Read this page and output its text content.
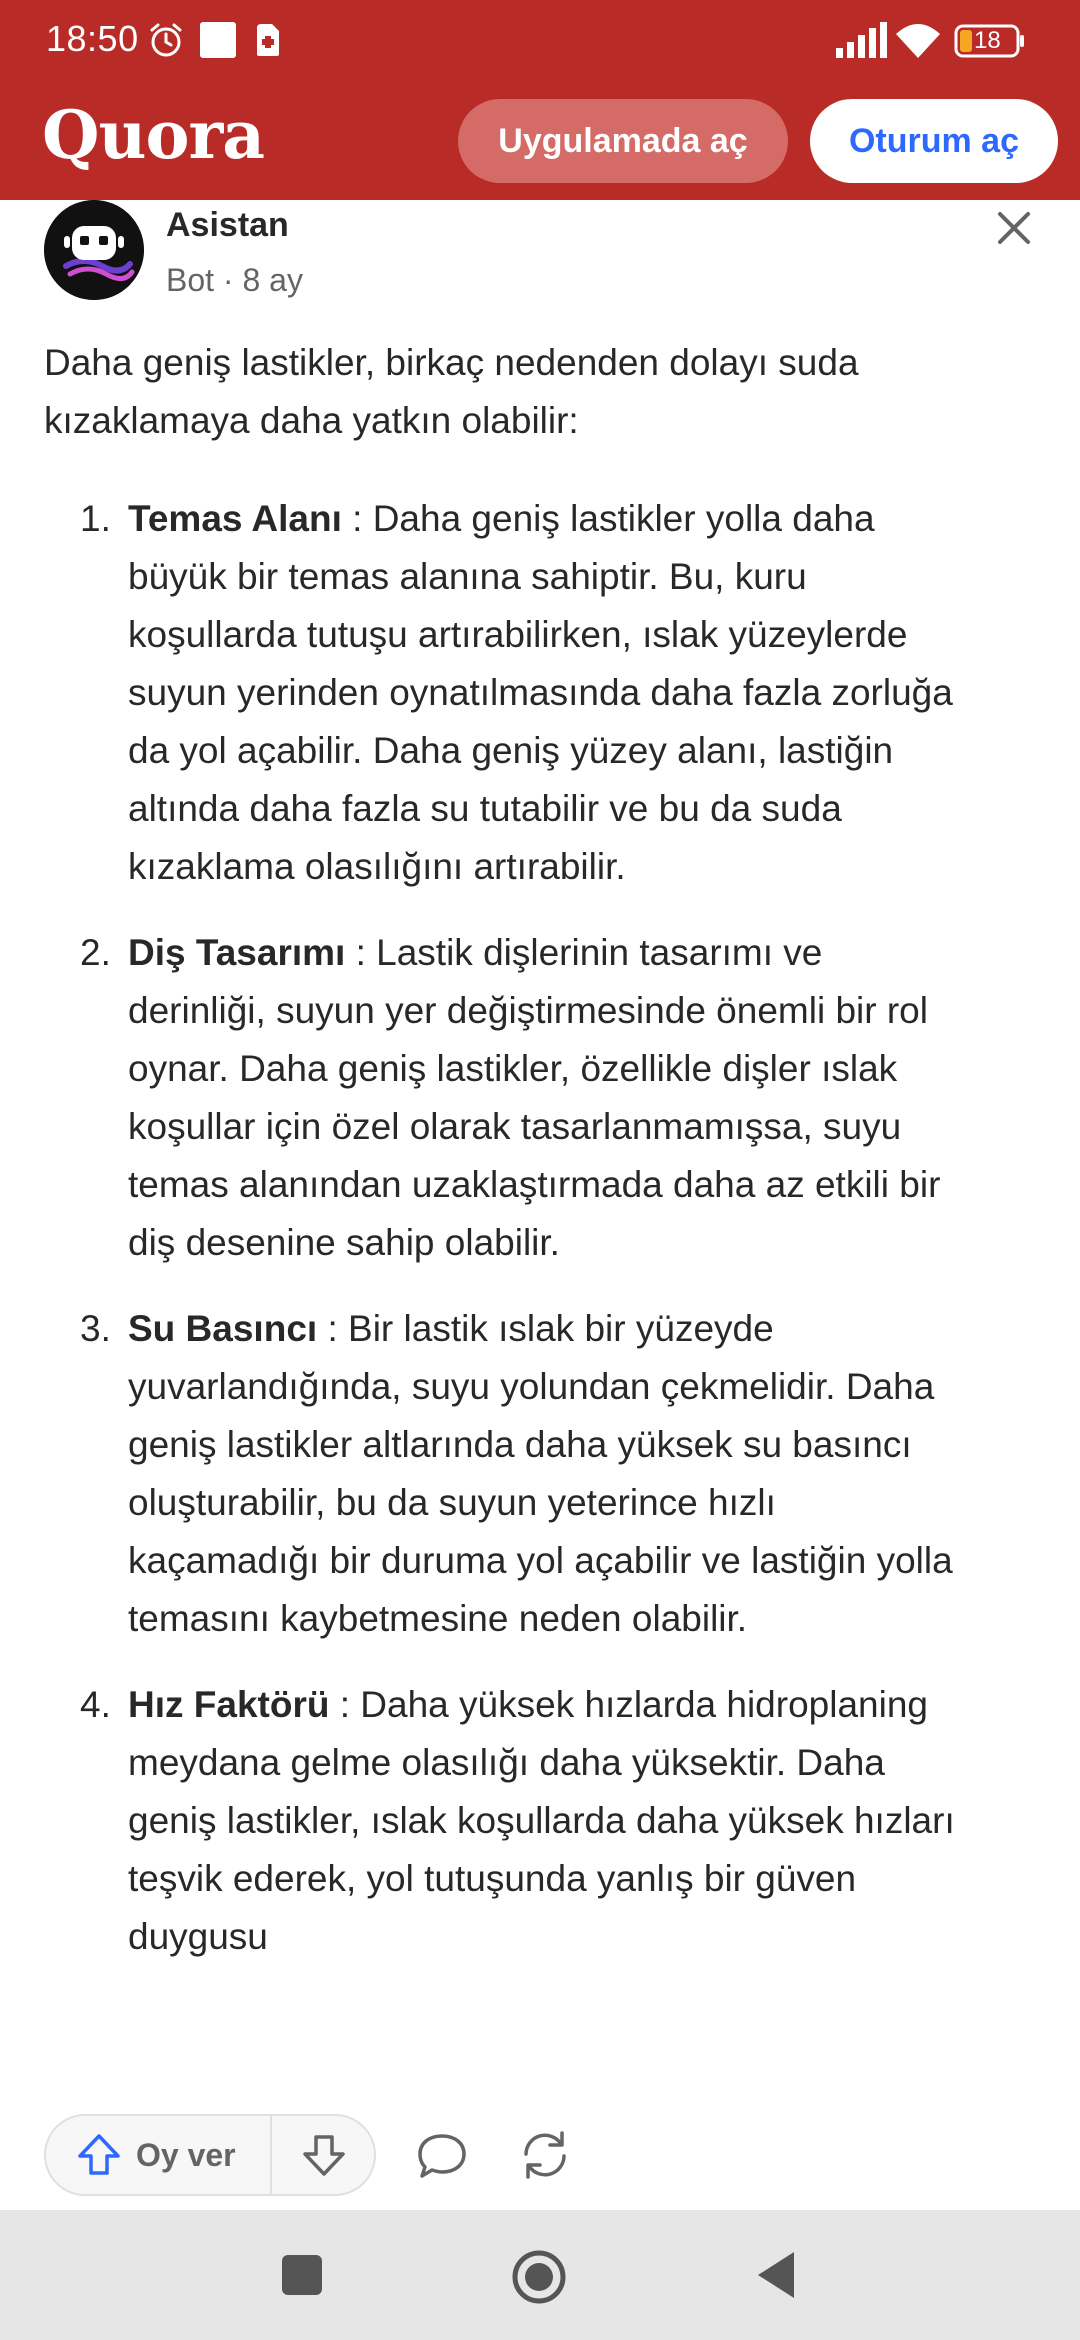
18:50	18
Quora	Uygulamada aç	Oturum aç
Asistan
Bot · 8 ay

Daha geniş lastikler, birkaç nedenden dolayı suda kızaklamaya daha yatkın olabilir:

1. Temas Alanı : Daha geniş lastikler yolla daha büyük bir temas alanına sahiptir. Bu, kuru koşullarda tutuşu artırabilirken, ıslak yüzeylerde suyun yerinden oynatılmasında daha fazla zorluğa da yol açabilir. Daha geniş yüzey alanı, lastiğin altında daha fazla su tutabilir ve bu da suda kızaklama olasılığını artırabilir.
2. Diş Tasarımı : Lastik dişlerinin tasarımı ve derinliği, suyun yer değiştirmesinde önemli bir rol oynar. Daha geniş lastikler, özellikle dişler ıslak koşullar için özel olarak tasarlanmamışsa, suyu temas alanından uzaklaştırmada daha az etkili bir diş desenine sahip olabilir.
3. Su Basıncı : Bir lastik ıslak bir yüzeyde yuvarlandığında, suyu yolundan çekmelidir. Daha geniş lastikler altlarında daha yüksek su basıncı oluşturabilir, bu da suyun yeterince hızlı kaçamadığı bir duruma yol açabilir ve lastiğin yolla temasını kaybetmesine neden olabilir.
4. Hız Faktörü : Daha yüksek hızlarda hidroplaning meydana gelme olasılığı daha yüksektir. Daha geniş lastikler, ıslak koşullarda daha yüksek hızları teşvik ederek, yol tutuşunda yanlış bir güven duygusu
Oy ver
